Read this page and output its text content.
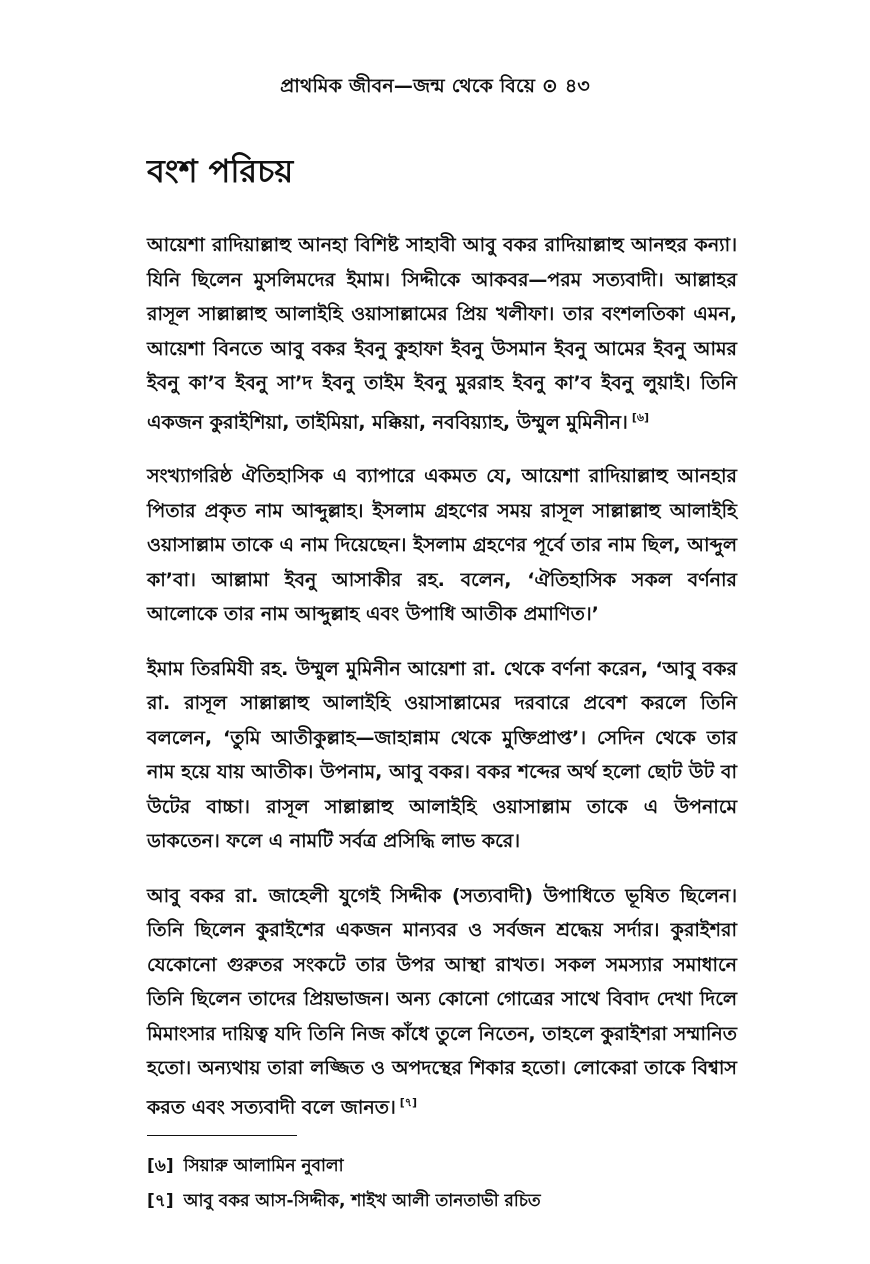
প্রাথমিক জীবন—জন্ম থেকে বিয়ে ⊙ ৪৩
বংশ পরিচয়

আয়েশা রাদিয়াল্লাহু আনহা বিশিষ্ট সাহাবী আবু বকর রাদিয়াল্লাহু আনহুর কন্যা। যিনি ছিলেন মুসলিমদের ইমাম। সিদ্দীকে আকবর—পরম সত্যবাদী। আল্লাহর রাসূল সাল্লাল্লাহু আলাইহি ওয়াসাল্লামের প্রিয় খলীফা। তার বংশলতিকা এমন, আয়েশা বিনতে আবু বকর ইবনু কুহাফা ইবনু উসমান ইবনু আমের ইবনু আমর ইবনু কা’ব ইবনু সা’দ ইবনু তাইম ইবনু মুররাহ ইবনু কা’ব ইবনু লুয়াই। তিনি একজন কুরাইশিয়া, তাইমিয়া, মক্কিয়া, নববিয়্যাহ, উম্মুল মুমিনীন। [৬]

সংখ্যাগরিষ্ঠ ঐতিহাসিক এ ব্যাপারে একমত যে, আয়েশা রাদিয়াল্লাহু আনহার পিতার প্রকৃত নাম আব্দুল্লাহ। ইসলাম গ্রহণের সময় রাসূল সাল্লাল্লাহু আলাইহি ওয়াসাল্লাম তাকে এ নাম দিয়েছেন। ইসলাম গ্রহণের পূর্বে তার নাম ছিল, আব্দুল কা’বা। আল্লামা ইবনু আসাকীর রহ. বলেন, ‘ঐতিহাসিক সকল বর্ণনার আলোকে তার নাম আব্দুল্লাহ এবং উপাধি আতীক প্রমাণিত।’

ইমাম তিরমিযী রহ. উম্মুল মুমিনীন আয়েশা রা. থেকে বর্ণনা করেন, ‘আবু বকর রা. রাসূল সাল্লাল্লাহু আলাইহি ওয়াসাল্লামের দরবারে প্রবেশ করলে তিনি বললেন, ‘তুমি আতীকুল্লাহ—জাহান্নাম থেকে মুক্তিপ্রাপ্ত’। সেদিন থেকে তার নাম হয়ে যায় আতীক। উপনাম, আবু বকর। বকর শব্দের অর্থ হলো ছোট উট বা উটের বাচ্চা। রাসূল সাল্লাল্লাহু আলাইহি ওয়াসাল্লাম তাকে এ উপনামে ডাকতেন। ফলে এ নামটি সর্বত্র প্রসিদ্ধি লাভ করে।

আবু বকর রা. জাহেলী যুগেই সিদ্দীক (সত্যবাদী) উপাধিতে ভূষিত ছিলেন। তিনি ছিলেন কুরাইশের একজন মান্যবর ও সর্বজন শ্রদ্ধেয় সর্দার। কুরাইশরা যেকোনো গুরুতর সংকটে তার উপর আস্থা রাখত। সকল সমস্যার সমাধানে তিনি ছিলেন তাদের প্রিয়ভাজন। অন্য কোনো গোত্রের সাথে বিবাদ দেখা দিলে মিমাংসার দায়িত্ব যদি তিনি নিজ কাঁধে তুলে নিতেন, তাহলে কুরাইশরা সম্মানিত হতো। অন্যথায় তারা লজ্জিত ও অপদস্থের শিকার হতো। লোকেরা তাকে বিশ্বাস করত এবং সত্যবাদী বলে জানত। [৭]

[৬] সিয়ারু আলামিন নুবালা
[৭] আবু বকর আস-সিদ্দীক, শাইখ আলী তানতাভী রচিত
